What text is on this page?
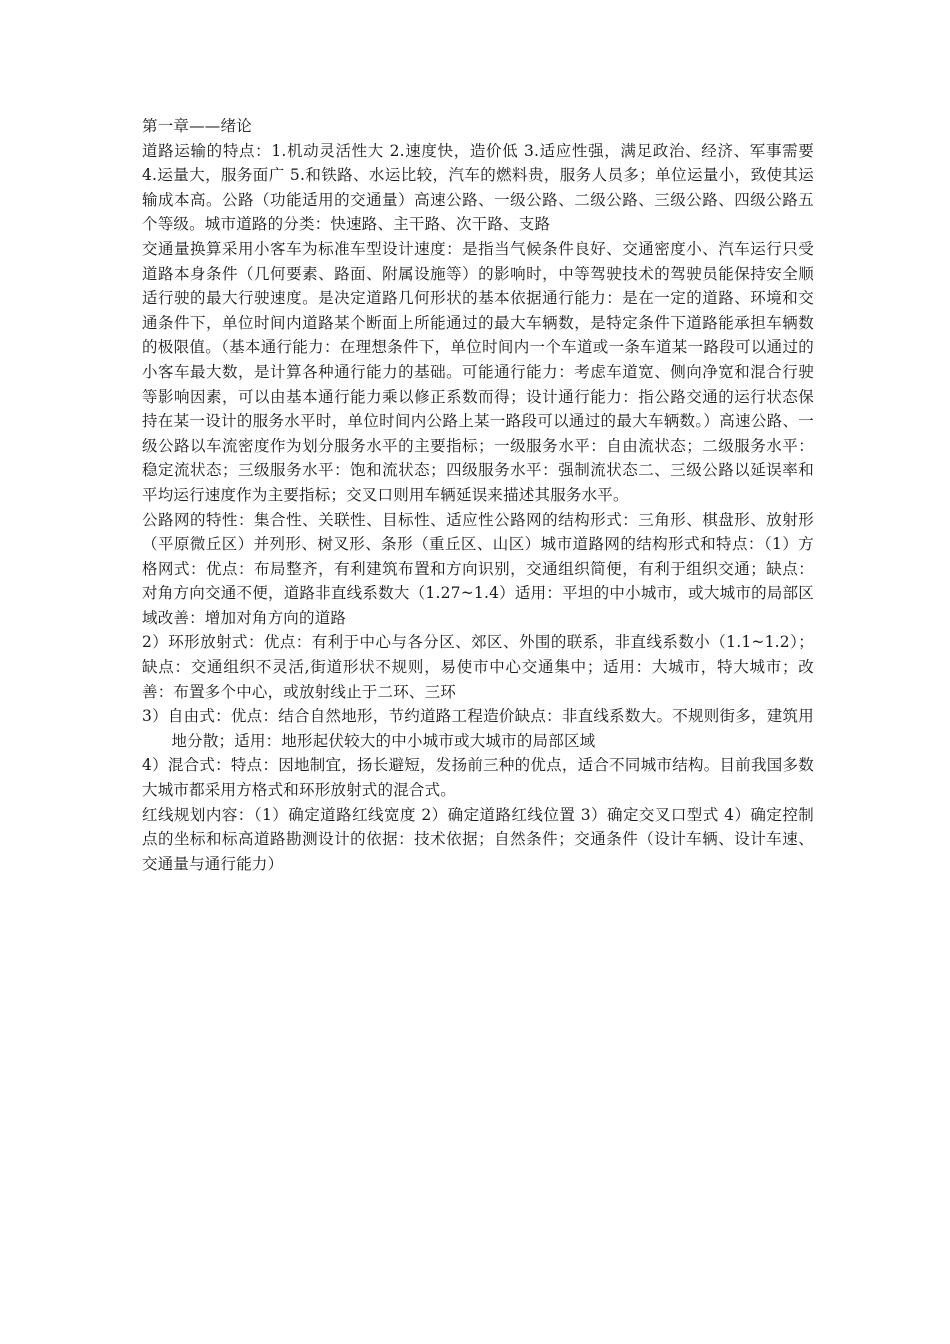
第一章——绪论

道路运输的特点：1.机动灵活性大 2.速度快，造价低 3.适应性强，满足政治、经济、军事需要 4.运量大，服务面广 5.和铁路、水运比较，汽车的燃料贵，服务人员多；单位运量小，致使其运输成本高。公路（功能适用的交通量）高速公路、一级公路、二级公路、三级公路、四级公路五个等级。城市道路的分类：快速路、主干路、次干路、支路

交通量换算采用小客车为标准车型设计速度：是指当气候条件良好、交通密度小、汽车运行只受道路本身条件（几何要素、路面、附属设施等）的影响时，中等驾驶技术的驾驶员能保持安全顺适行驶的最大行驶速度。是决定道路几何形状的基本依据通行能力：是在一定的道路、环境和交通条件下，单位时间内道路某个断面上所能通过的最大车辆数，是特定条件下道路能承担车辆数的极限值。（基本通行能力：在理想条件下，单位时间内一个车道或一条车道某一路段可以通过的小客车最大数，是计算各种通行能力的基础。可能通行能力：考虑车道宽、侧向净宽和混合行驶等影响因素，可以由基本通行能力乘以修正系数而得；设计通行能力：指公路交通的运行状态保持在某一设计的服务水平时，单位时间内公路上某一路段可以通过的最大车辆数。）高速公路、一级公路以车流密度作为划分服务水平的主要指标；一级服务水平：自由流状态；二级服务水平：稳定流状态；三级服务水平：饱和流状态；四级服务水平：强制流状态二、三级公路以延误率和平均运行速度作为主要指标；交叉口则用车辆延误来描述其服务水平。

公路网的特性：集合性、关联性、目标性、适应性公路网的结构形式：三角形、棋盘形、放射形（平原微丘区）并列形、树叉形、条形（重丘区、山区）城市道路网的结构形式和特点：（1）方格网式：优点：布局整齐，有利建筑布置和方向识别，交通组织简便，有利于组织交通；缺点：对角方向交通不便，道路非直线系数大（1.27~1.4）适用：平坦的中小城市，或大城市的局部区域改善：增加对角方向的道路

2）环形放射式：优点：有利于中心与各分区、郊区、外围的联系，非直线系数小（1.1~1.2）；缺点：交通组织不灵活,街道形状不规则，易使市中心交通集中；适用：大城市，特大城市；改善：布置多个中心，或放射线止于二环、三环

3）自由式：优点：结合自然地形，节约道路工程造价缺点：非直线系数大。不规则街多，建筑用地分散；适用：地形起伏较大的中小城市或大城市的局部区域

4）混合式：特点：因地制宜，扬长避短，发扬前三种的优点，适合不同城市结构。目前我国多数大城市都采用方格式和环形放射式的混合式。

红线规划内容：（1）确定道路红线宽度 2）确定道路红线位置 3）确定交叉口型式 4）确定控制点的坐标和标高道路勘测设计的依据：技术依据；自然条件；交通条件（设计车辆、设计车速、交通量与通行能力）
